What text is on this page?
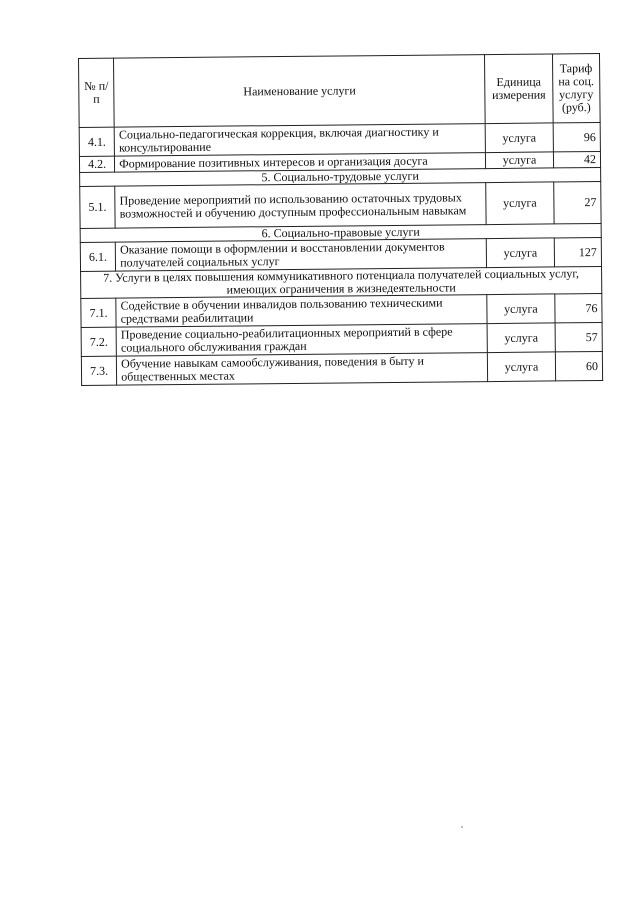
№ п/п	Наименование услуги	Единица измерения	Тариф на соц. услугу (руб.)
4.1.	Социально-педагогическая коррекция, включая диагностику и консультирование	услуга	96
4.2.	Формирование позитивных интересов и организация досуга	услуга	42
5. Социально-трудовые услуги			
5.1.	Проведение мероприятий по использованию остаточных трудовых возможностей и обучению доступным профессиональным навыкам	услуга	27
6. Социально-правовые услуги			
6.1.	Оказание помощи в оформлении и восстановлении документов получателей социальных услуг	услуга	127
7. Услуги в целях повышения коммуникативного потенциала получателей социальных услуг, имеющих ограничения в жизнедеятельности			
7.1.	Содействие в обучении инвалидов пользованию техническими средствами реабилитации	услуга	76
7.2.	Проведение социально-реабилитационных мероприятий в сфере социального обслуживания граждан	услуга	57
7.3.	Обучение навыкам самообслуживания, поведения в быту и общественных местах	услуга	60
